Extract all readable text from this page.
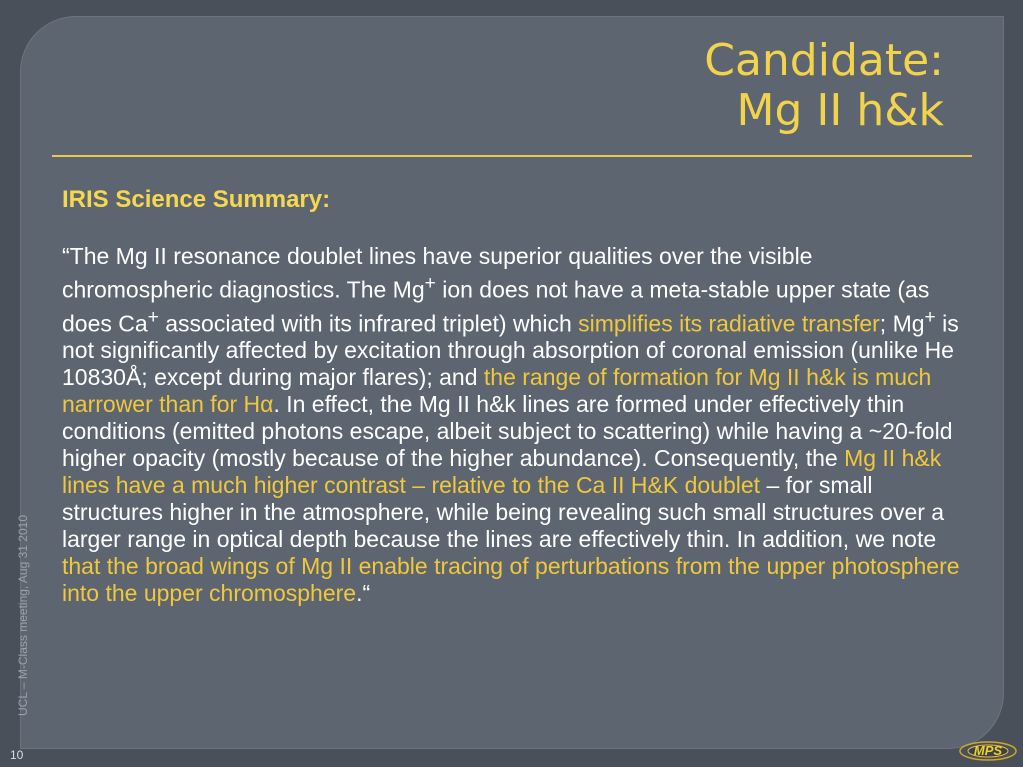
Candidate:
Mg II h&k
IRIS Science Summary:
“The Mg II resonance doublet lines have superior qualities over the visible chromospheric diagnostics. The Mg+ ion does not have a meta-stable upper state (as does Ca+ associated with its infrared triplet) which simplifies its radiative transfer; Mg+ is not significantly affected by excitation through absorption of coronal emission (unlike He 10830Å; except during major flares); and the range of formation for Mg II h&k is much narrower than for Hα. In effect, the Mg II h&k lines are formed under effectively thin conditions (emitted photons escape, albeit subject to scattering) while having a ~20-fold higher opacity (mostly because of the higher abundance). Consequently, the Mg II h&k lines have a much higher contrast – relative to the Ca II H&K doublet – for small structures higher in the atmosphere, while being revealing such small structures over a larger range in optical depth because the lines are effectively thin. In addition, we note that the broad wings of Mg II enable tracing of perturbations from the upper photosphere into the upper chromosphere.“
UCL – M-Class meeting, Aug 31 2010
10	MPS
